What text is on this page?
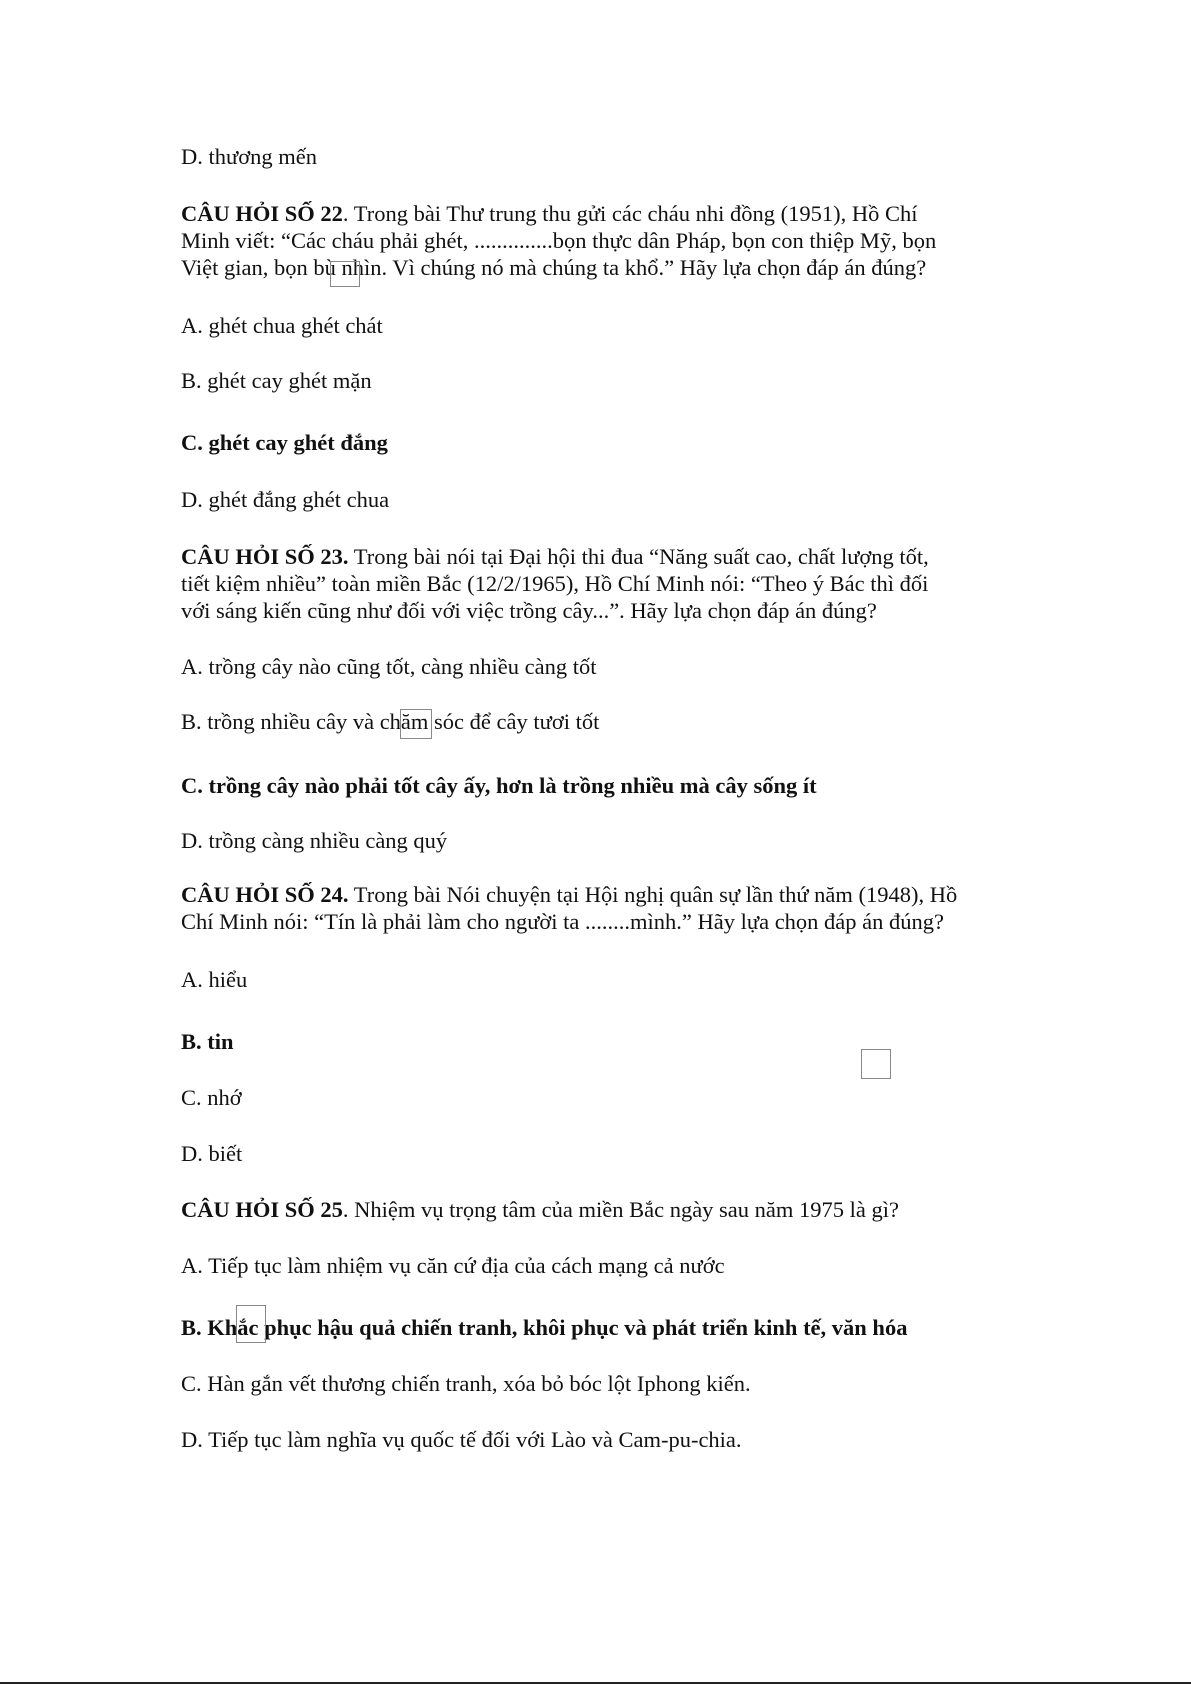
D. thương mến
CÂU HỎI SỐ 22. Trong bài Thư trung thu gửi các cháu nhi đồng (1951), Hồ Chí
Minh viết: “Các cháu phải ghét, ..............bọn thực dân Pháp, bọn con thiệp Mỹ, bọn
Việt gian, bọn bù nhìn. Vì chúng nó mà chúng ta khổ.” Hãy lựa chọn đáp án đúng?
A. ghét chua ghét chát
B. ghét cay ghét mặn
C. ghét cay ghét đắng
D. ghét đắng ghét chua
CÂU HỎI SỐ 23. Trong bài nói tại Đại hội thi đua “Năng suất cao, chất lượng tốt,
tiết kiệm nhiều” toàn miền Bắc (12/2/1965), Hồ Chí Minh nói: “Theo ý Bác thì đối
với sáng kiến cũng như đối với việc trồng cây...”. Hãy lựa chọn đáp án đúng?
A. trồng cây nào cũng tốt, càng nhiều càng tốt
B. trồng nhiều cây và chăm sóc để cây tươi tốt
C. trồng cây nào phải tốt cây ấy, hơn là trồng nhiều mà cây sống ít
D. trồng càng nhiều càng quý
CÂU HỎI SỐ 24. Trong bài Nói chuyện tại Hội nghị quân sự lần thứ năm (1948), Hồ
Chí Minh nói: “Tín là phải làm cho người ta ........mình.” Hãy lựa chọn đáp án đúng?
A. hiểu
B. tin
C. nhớ
D. biết
CÂU HỎI SỐ 25. Nhiệm vụ trọng tâm của miền Bắc ngày sau năm 1975 là gì?
A. Tiếp tục làm nhiệm vụ căn cứ địa của cách mạng cả nước
B. Khắc phục hậu quả chiến tranh, khôi phục và phát triển kinh tế, văn hóa
C. Hàn gắn vết thương chiến tranh, xóa bỏ bóc lột Iphong kiến.
D. Tiếp tục làm nghĩa vụ quốc tế đối với Lào và Cam-pu-chia.
